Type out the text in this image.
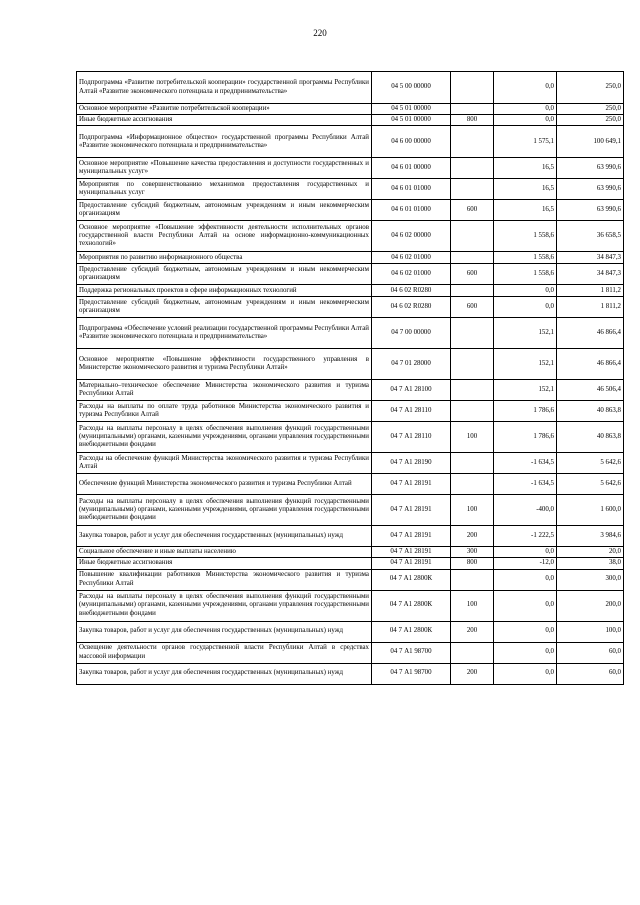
220
Подпрограмма «Развитие потребительской кооперации» государственной программы Республики Алтай «Развитие экономического потенциала и предпринимательства»	04 5 00 00000		0,0	250,0
Основное мероприятие «Развитие потребительской кооперации»	04 5 01 00000		0,0	250,0
Иные бюджетные ассигнования	04 5 01 00000	800	0,0	250,0
Подпрограмма «Информационное общество» государственной программы Республики Алтай «Развитие экономического потенциала и предпринимательства»	04 6 00 00000		1 575,1	100 649,1
Основное мероприятие «Повышение качества предоставления и доступности государственных и муниципальных услуг»	04 6 01 00000		16,5	63 990,6
Мероприятия по совершенствованию механизмов предоставления государственных и муниципальных услуг	04 6 01 01000		16,5	63 990,6
Предоставление субсидий бюджетным, автономным учреждениям и иным некоммерческим организациям	04 6 01 01000	600	16,5	63 990,6
Основное мероприятие «Повышение эффективности деятельности исполнительных органов государственной власти Республики Алтай на основе информационно-коммуникационных технологий»	04 6 02 00000		1 558,6	36 658,5
Мероприятия по развитию информационного общества	04 6 02 01000		1 558,6	34 847,3
Предоставление субсидий бюджетным, автономным учреждениям и иным некоммерческим организациям	04 6 02 01000	600	1 558,6	34 847,3
Поддержка региональных проектов в сфере информационных технологий	04 6 02 R0280		0,0	1 811,2
Предоставление субсидий бюджетным, автономным учреждениям и иным некоммерческим организациям	04 6 02 R0280	600	0,0	1 811,2
Подпрограмма «Обеспечение условий реализации государственной программы Республики Алтай «Развитие экономического потенциала и предпринимательства»	04 7 00 00000		152,1	46 866,4
Основное мероприятие «Повышение эффективности государственного управления в Министерстве экономического развития и туризма Республики Алтай»	04 7 01 28000		152,1	46 866,4
Материально–техническое обеспечение Министерства экономического развития и туризма Республики Алтай	04 7 А1 28100		152,1	46 506,4
Расходы на выплаты по оплате труда работников Министерства экономического развития и туризма Республики Алтай	04 7 А1 28110		1 786,6	40 863,8
Расходы на выплаты персоналу в целях обеспечения выполнения функций государственными (муниципальными) органами, казенными учреждениями, органами управления государственными внебюджетными фондами	04 7 А1 28110	100	1 786,6	40 863,8
Расходы на обеспечение функций Министерства экономического развития и туризма Республики Алтай	04 7 А1 28190		-1 634,5	5 642,6
Обеспечение функций Министерства экономического развития и туризма Республики Алтай	04 7 А1 28191		-1 634,5	5 642,6
Расходы на выплаты персоналу в целях обеспечения выполнения функций государственными (муниципальными) органами, казенными учреждениями, органами управления государственными внебюджетными фондами	04 7 А1 28191	100	-400,0	1 600,0
Закупка товаров, работ и услуг для обеспечения государственных (муниципальных) нужд	04 7 А1 28191	200	-1 222,5	3 984,6
Социальное обеспечение и иные выплаты населению	04 7 А1 28191	300	0,0	20,0
Иные бюджетные ассигнования	04 7 А1 28191	800	-12,0	38,0
Повышение квалификации работников Министерства экономического развития и туризма Республики Алтай	04 7 А1 2800К		0,0	300,0
Расходы на выплаты персоналу в целях обеспечения выполнения функций государственными (муниципальными) органами, казенными учреждениями, органами управления государственными внебюджетными фондами	04 7 А1 2800К	100	0,0	200,0
Закупка товаров, работ и услуг для обеспечения государственных (муниципальных) нужд	04 7 А1 2800К	200	0,0	100,0
Освещение деятельности органов государственной власти Республики Алтай в средствах массовой информации	04 7 А1 98700		0,0	60,0
Закупка товаров, работ и услуг для обеспечения государственных (муниципальных) нужд	04 7 А1 98700	200	0,0	60,0
